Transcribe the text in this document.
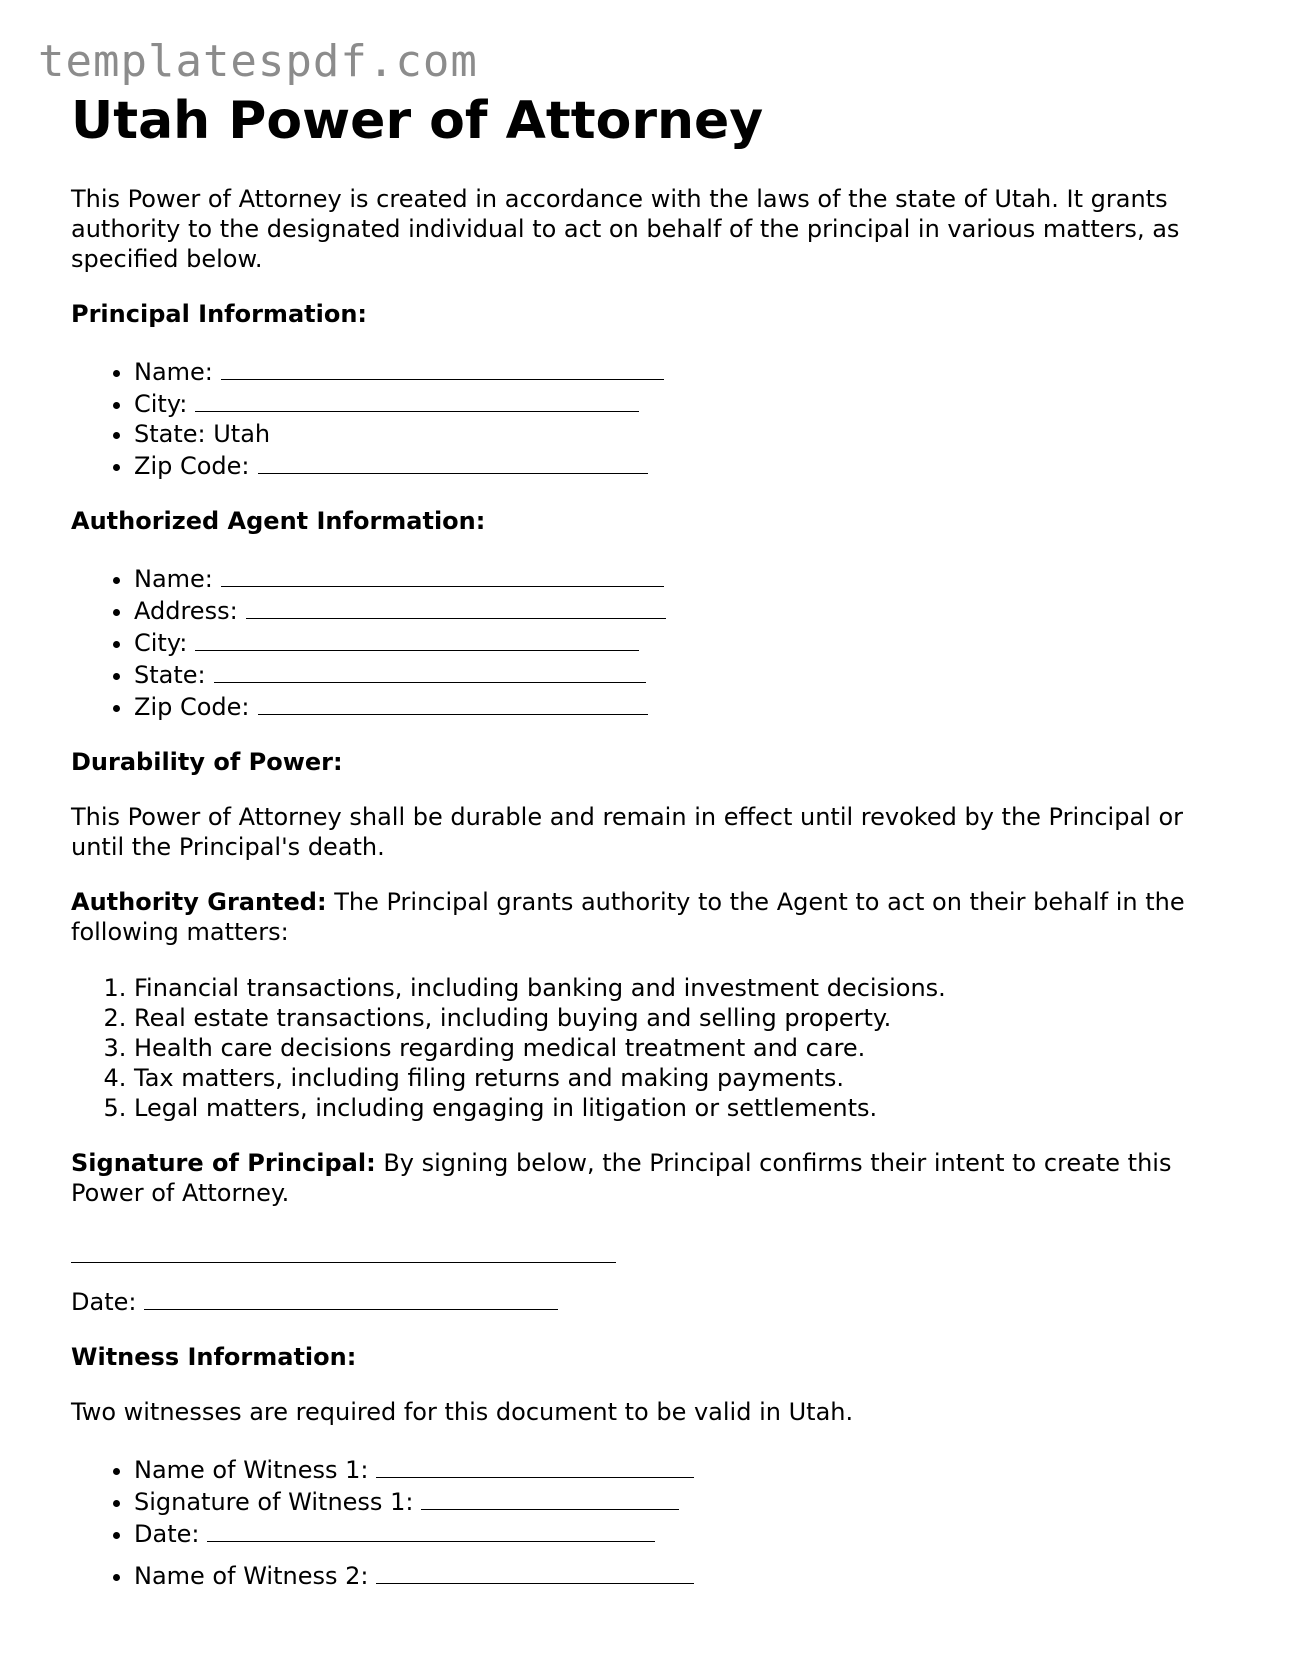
templatespdf.com
Utah Power of Attorney

This Power of Attorney is created in accordance with the laws of the state of Utah. It grants authority to the designated individual to act on behalf of the principal in various matters, as specified below.

Principal Information:

• Name:
• City:
• State: Utah
• Zip Code:

Authorized Agent Information:

• Name:
• Address:
• City:
• State:
• Zip Code:

Durability of Power:

This Power of Attorney shall be durable and remain in effect until revoked by the Principal or until the Principal's death.

Authority Granted: The Principal grants authority to the Agent to act on their behalf in the following matters:

1. Financial transactions, including banking and investment decisions.
2. Real estate transactions, including buying and selling property.
3. Health care decisions regarding medical treatment and care.
4. Tax matters, including filing returns and making payments.
5. Legal matters, including engaging in litigation or settlements.

Signature of Principal: By signing below, the Principal confirms their intent to create this Power of Attorney.

Date:

Witness Information:

Two witnesses are required for this document to be valid in Utah.

• Name of Witness 1:
• Signature of Witness 1:
• Date:
• Name of Witness 2:
